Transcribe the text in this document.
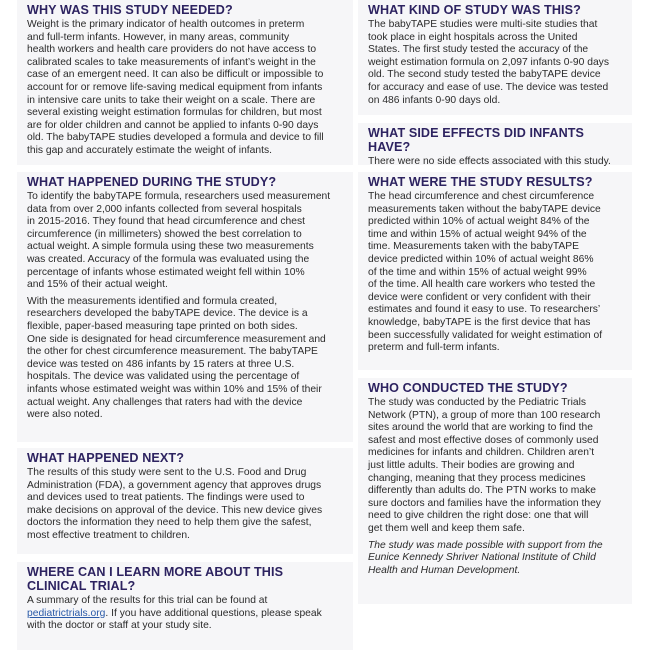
WHY WAS THIS STUDY NEEDED?

Weight is the primary indicator of health outcomes in preterm
and full-term infants. However, in many areas, community
health workers and health care providers do not have access to
calibrated scales to take measurements of infant’s weight in the
case of an emergent need. It can also be difficult or impossible to
account for or remove life-saving medical equipment from infants
in intensive care units to take their weight on a scale. There are
several existing weight estimation formulas for children, but most
are for older children and cannot be applied to infants 0-90 days
old. The babyTAPE studies developed a formula and device to fill
this gap and accurately estimate the weight of infants.

WHAT HAPPENED DURING THE STUDY?

To identify the babyTAPE formula, researchers used measurement
data from over 2,000 infants collected from several hospitals
in 2015-2016. They found that head circumference and chest
circumference (in millimeters) showed the best correlation to
actual weight. A simple formula using these two measurements
was created. Accuracy of the formula was evaluated using the
percentage of infants whose estimated weight fell within 10%
and 15% of their actual weight.

With the measurements identified and formula created,
researchers developed the babyTAPE device. The device is a
flexible, paper-based measuring tape printed on both sides.
One side is designated for head circumference measurement and
the other for chest circumference measurement. The babyTAPE
device was tested on 486 infants by 15 raters at three U.S.
hospitals. The device was validated using the percentage of
infants whose estimated weight was within 10% and 15% of their
actual weight. Any challenges that raters had with the device
were also noted.

WHAT HAPPENED NEXT?

The results of this study were sent to the U.S. Food and Drug
Administration (FDA), a government agency that approves drugs
and devices used to treat patients. The findings were used to
make decisions on approval of the device. This new device gives
doctors the information they need to help them give the safest,
most effective treatment to children.

WHERE CAN I LEARN MORE ABOUT THIS
CLINICAL TRIAL?

A summary of the results for this trial can be found at
pediatrictrials.org. If you have additional questions, please speak
with the doctor or staff at your study site.

WHAT KIND OF STUDY WAS THIS?

The babyTAPE studies were multi-site studies that
took place in eight hospitals across the United
States. The first study tested the accuracy of the
weight estimation formula on 2,097 infants 0-90 days
old. The second study tested the babyTAPE device
for accuracy and ease of use. The device was tested
on 486 infants 0-90 days old.

WHAT SIDE EFFECTS DID INFANTS HAVE?

There were no side effects associated with this study.

WHAT WERE THE STUDY RESULTS?

The head circumference and chest circumference
measurements taken without the babyTAPE device
predicted within 10% of actual weight 84% of the
time and within 15% of actual weight 94% of the
time. Measurements taken with the babyTAPE
device predicted within 10% of actual weight 86%
of the time and within 15% of actual weight 99%
of the time. All health care workers who tested the
device were confident or very confident with their
estimates and found it easy to use. To researchers’
knowledge, babyTAPE is the first device that has
been successfully validated for weight estimation of
preterm and full-term infants.

WHO CONDUCTED THE STUDY?

The study was conducted by the Pediatric Trials
Network (PTN), a group of more than 100 research
sites around the world that are working to find the
safest and most effective doses of commonly used
medicines for infants and children. Children aren’t
just little adults. Their bodies are growing and
changing, meaning that they process medicines
differently than adults do. The PTN works to make
sure doctors and families have the information they
need to give children the right dose: one that will
get them well and keep them safe.

The study was made possible with support from the
Eunice Kennedy Shriver National Institute of Child
Health and Human Development.
